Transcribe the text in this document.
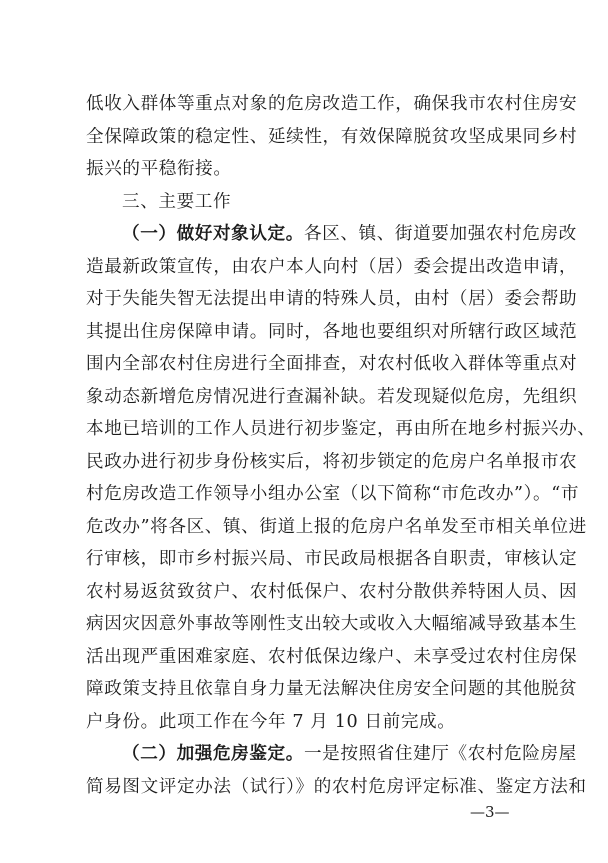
低收入群体等重点对象的危房改造工作，确保我市农村住房安
全保障政策的稳定性、延续性，有效保障脱贫攻坚成果同乡村
振兴的平稳衔接。
三、主要工作
（一）做好对象认定。各区、镇、街道要加强农村危房改
造最新政策宣传，由农户本人向村（居）委会提出改造申请，
对于失能失智无法提出申请的特殊人员，由村（居）委会帮助
其提出住房保障申请。同时，各地也要组织对所辖行政区域范
围内全部农村住房进行全面排查，对农村低收入群体等重点对
象动态新增危房情况进行查漏补缺。若发现疑似危房，先组织
本地已培训的工作人员进行初步鉴定，再由所在地乡村振兴办、
民政办进行初步身份核实后，将初步锁定的危房户名单报市农
村危房改造工作领导小组办公室（以下简称“市危改办”）。“市
危改办”将各区、镇、街道上报的危房户名单发至市相关单位进
行审核，即市乡村振兴局、市民政局根据各自职责，审核认定
农村易返贫致贫户、农村低保户、农村分散供养特困人员、因
病因灾因意外事故等刚性支出较大或收入大幅缩减导致基本生
活出现严重困难家庭、农村低保边缘户、未享受过农村住房保
障政策支持且依靠自身力量无法解决住房安全问题的其他脱贫
户身份。此项工作在今年 7 月 10 日前完成。
（二）加强危房鉴定。一是按照省住建厅《农村危险房屋
简易图文评定办法（试行）》的农村危房评定标准、鉴定方法和
—3—
